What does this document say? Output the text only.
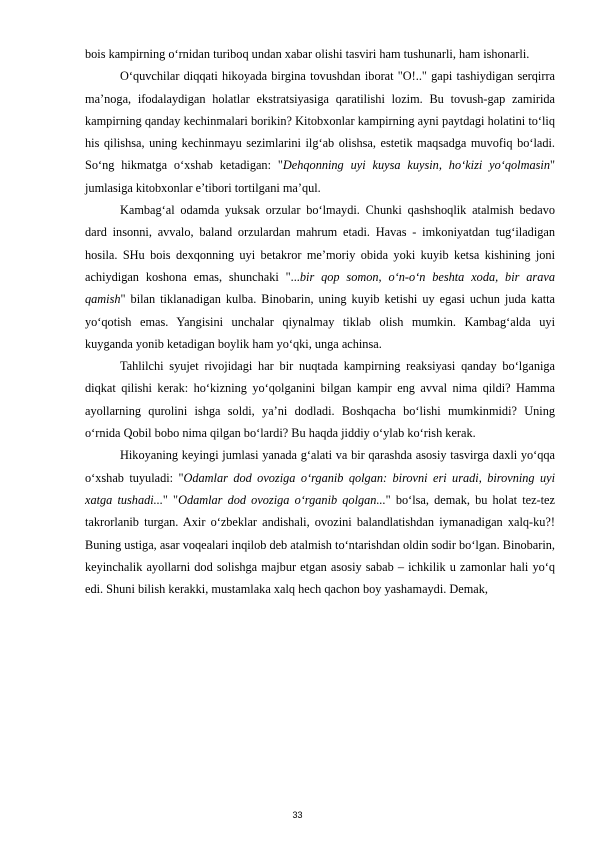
bois kampirning o‘rnidan turiboq undan xabar olishi tasviri ham tushunarli, ham ishonarli.

O‘quvchilar diqqati hikoyada birgina tovushdan iborat "O!.." gapi tashiydigan serqirra ma’noga, ifodalaydigan holatlar ekstratsiyasiga qaratilishi lozim. Bu tovush-gap zamirida kampirning qanday kechinmalari borikin? Kitobxonlar kampirning ayni paytdagi holatini to‘liq his qilishsa, uning kechinmayu sezimlarini ilg‘ab olishsa, estetik maqsadga muvofiq bo‘ladi. So‘ng hikmatga o‘xshab ketadigan: "Dehqonning uyi kuysa kuysin, ho‘kizi yo‘qolmasin" jumlasiga kitobxonlar e’tibori tortilgani ma’qul.

Kambag‘al odamda yuksak orzular bo‘lmaydi. Chunki qashshoqlik atalmish bedavo dard insonni, avvalo, baland orzulardan mahrum etadi. Havas - imkoniyatdan tug‘iladigan hosila. SHu bois dexqonning uyi betakror me’moriy obida yoki kuyib ketsa kishining joni achiydigan koshona emas, shunchaki "...bir qop somon, o‘n-o‘n beshta xoda, bir arava qamish" bilan tiklanadigan kulba. Binobarin, uning kuyib ketishi uy egasi uchun juda katta yo‘qotish emas. Yangisini unchalar qiynalmay tiklab olish mumkin. Kambag‘alda uyi kuyganda yonib ketadigan boylik ham yo‘qki, unga achinsa.

Tahlilchi syujet rivojidagi har bir nuqtada kampirning reaksiyasi qanday bo‘lganiga diqkat qilishi kerak: ho‘kizning yo‘qolganini bilgan kampir eng avval nima qildi? Hamma ayollarning qurolini ishga soldi, ya’ni dodladi. Boshqacha bo‘lishi mumkinmidi? Uning o‘rnida Qobil bobo nima qilgan bo‘lardi? Bu haqda jiddiy o‘ylab ko‘rish kerak.

Hikoyaning keyingi jumlasi yanada g‘alati va bir qarashda asosiy tasvirga daxli yo‘qqa o‘xshab tuyuladi: "Odamlar dod ovoziga o‘rganib qolgan: birovni eri uradi, birovning uyi xatga tushadi..." "Odamlar dod ovoziga o‘rganib qolgan..." bo‘lsa, demak, bu holat tez-tez takrorlanib turgan. Axir o‘zbeklar andishali, ovozini balandlatishdan iymanadigan xalq-ku?! Buning ustiga, asar voqealari inqilob deb atalmish to‘ntarishdan oldin sodir bo‘lgan. Binobarin, keyinchalik ayollarni dod solishga majbur etgan asosiy sabab – ichkilik u zamonlar hali yo‘q edi. Shuni bilish kerakki, mustamlaka xalq hech qachon boy yashamaydi. Demak,

33
